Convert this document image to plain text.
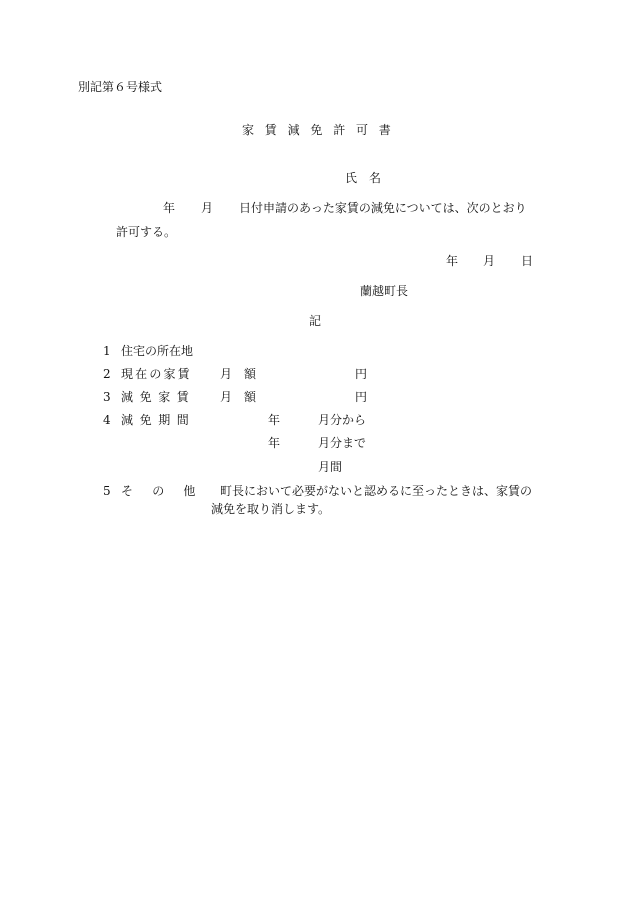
別記第６号様式
家賃減免許可書
氏　名
年 月 日付申請のあった家賃の減免については、次のとおり
許可する。
年 月 日
蘭越町長
記
1 住宅の所在地
2 現在の家賃 月　額	円
3 減免家賃 月　額	円
4 減免期間	年	月分から
年	月分まで
月間
5 その他 町長において必要がないと認めるに至ったときは、家賃の
減免を取り消します。
